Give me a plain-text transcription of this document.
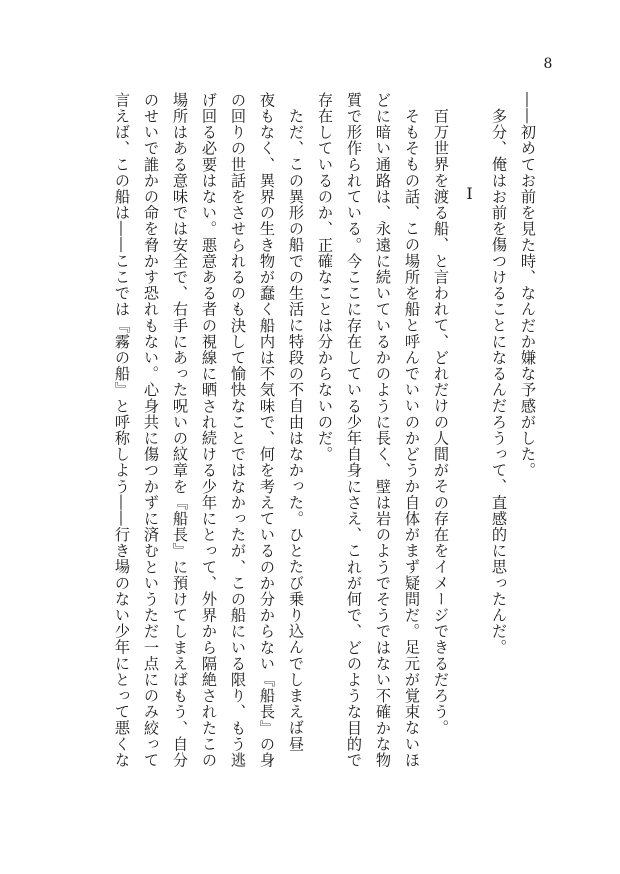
8
――初めてお前を見た時、なんだか嫌な予感がした。
多分、俺はお前を傷つけることになるんだろうって、直感的に思ったんだ。
Ⅰ
百万世界を渡る船、と言われて、どれだけの人間がその存在をイメージできるだろう。
そもそもの話、この場所を船と呼んでいいのかどうか自体がまず疑問だ。足元が覚束ないほ
どに暗い通路は、永遠に続いているかのように長く、壁は岩のようでそうではない不確かな物
質で形作られている。今ここに存在している少年自身にさえ、これが何で、どのような目的で
存在しているのか、正確なことは分からないのだ。
ただ、この異形の船での生活に特段の不自由はなかった。ひとたび乗り込んでしまえば昼
夜もなく、異界の生き物が蠢く船内は不気味で、何を考えているのか分からない『船長』の身
の回りの世話をさせられるのも決して愉快なことではなかったが、この船にいる限り、もう逃
げ回る必要はない。悪意ある者の視線に晒され続ける少年にとって、外界から隔絶されたこの
場所はある意味では安全で、右手にあった呪いの紋章を『船長』に預けてしまえばもう、自分
のせいで誰かの命を脅かす恐れもない。心身共に傷つかずに済むというただ一点にのみ絞って
言えば、この船は――ここでは『霧の船』と呼称しよう――行き場のない少年にとって悪くな
